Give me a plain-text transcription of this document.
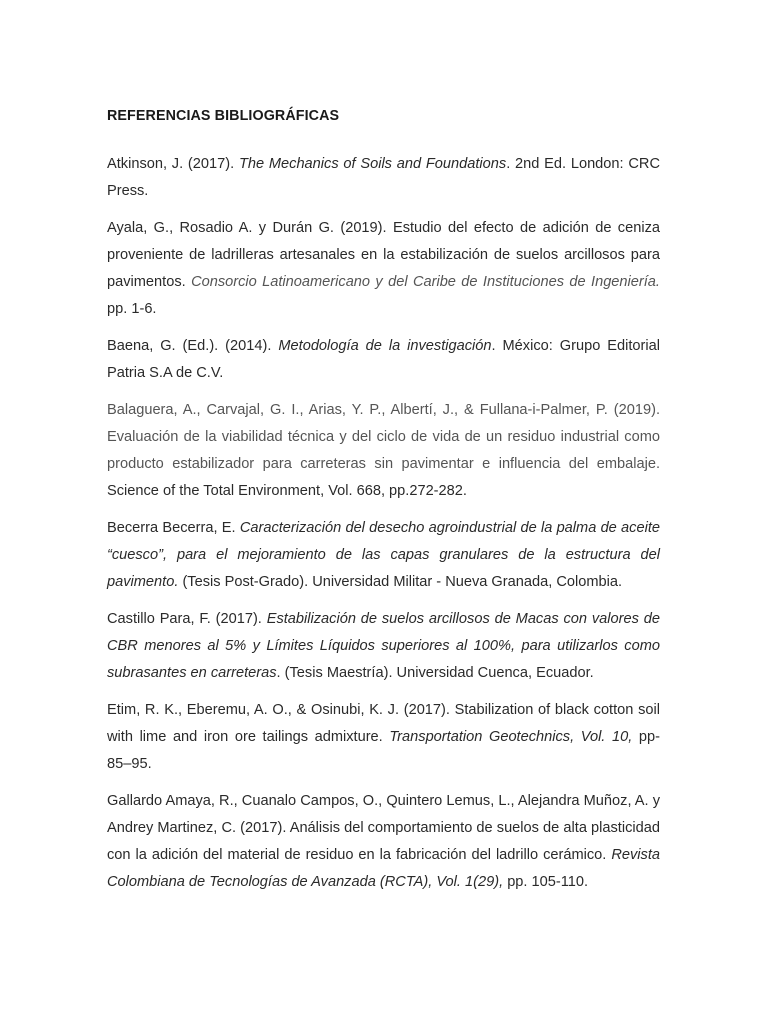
REFERENCIAS BIBLIOGRÁFICAS

Atkinson, J. (2017). The Mechanics of Soils and Foundations. 2nd Ed. London: CRC Press.

Ayala, G., Rosadio A. y Durán G. (2019). Estudio del efecto de adición de ceniza proveniente de ladrilleras artesanales en la estabilización de suelos arcillosos para pavimentos. Consorcio Latinoamericano y del Caribe de Instituciones de Ingeniería. pp. 1-6.

Baena, G. (Ed.). (2014). Metodología de la investigación. México: Grupo Editorial Patria S.A de C.V.

Balaguera, A., Carvajal, G. I., Arias, Y. P., Albertí, J., & Fullana-i-Palmer, P. (2019). Evaluación de la viabilidad técnica y del ciclo de vida de un residuo industrial como producto estabilizador para carreteras sin pavimentar e influencia del embalaje. Science of the Total Environment, Vol. 668, pp.272-282.

Becerra Becerra, E. Caracterización del desecho agroindustrial de la palma de aceite “cuesco”, para el mejoramiento de las capas granulares de la estructura del pavimento. (Tesis Post-Grado). Universidad Militar - Nueva Granada, Colombia.

Castillo Para, F. (2017). Estabilización de suelos arcillosos de Macas con valores de CBR menores al 5% y Límites Líquidos superiores al 100%, para utilizarlos como subrasantes en carreteras. (Tesis Maestría). Universidad Cuenca, Ecuador.

Etim, R. K., Eberemu, A. O., & Osinubi, K. J. (2017). Stabilization of black cotton soil with lime and iron ore tailings admixture. Transportation Geotechnics, Vol. 10, pp- 85–95.

Gallardo Amaya, R., Cuanalo Campos, O., Quintero Lemus, L., Alejandra Muñoz, A. y Andrey Martinez, C. (2017). Análisis del comportamiento de suelos de alta plasticidad con la adición del material de residuo en la fabricación del ladrillo cerámico. Revista Colombiana de Tecnologías de Avanzada (RCTA), Vol. 1(29), pp. 105-110.
